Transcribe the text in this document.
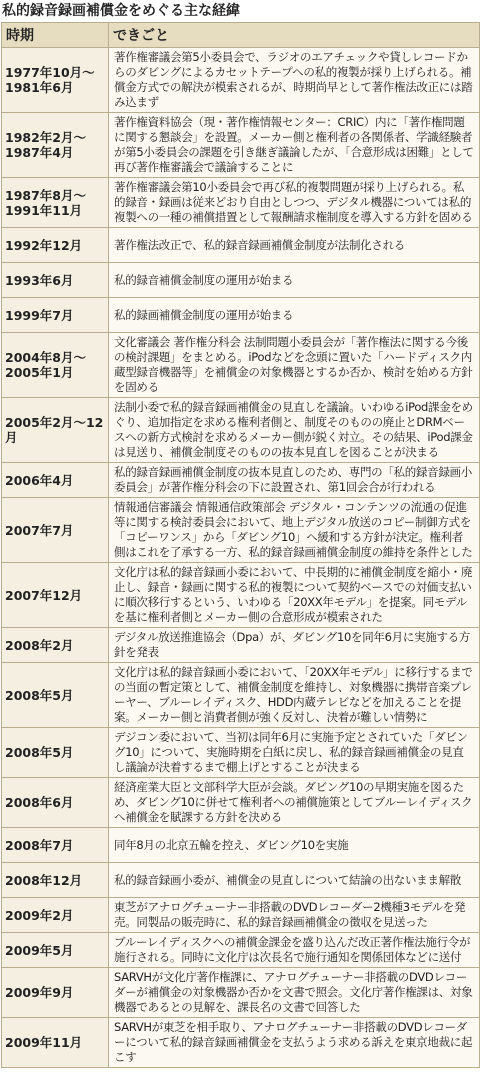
私的録音録画補償金をめぐる主な経緯
時期	できごと
1977年10月〜1981年6月	著作権審議会第5小委員会で、ラジオのエアチェックや貸しレコードからのダビングによるカセットテープへの私的複製が採り上げられる。補償金方式での解決が模索されるが、時期尚早として著作権法改正には踏み込まず
1982年2月〜1987年4月	著作権資料協会（現・著作権情報センター：CRIC）内に「著作権問題に関する懇談会」を設置。メーカー側と権利者の各関係者、学識経験者が第5小委員会の課題を引き継ぎ議論したが、「合意形成は困難」として再び著作権審議会で議論することに
1987年8月〜1991年11月	著作権審議会第10小委員会で再び私的複製問題が採り上げられる。私的録音・録画は従来どおり自由としつつ、デジタル機器については私的複製への一種の補償措置として報酬請求権制度を導入する方針を固める
1992年12月	著作権法改正で、私的録音録画補償金制度が法制化される
1993年6月	私的録音補償金制度の運用が始まる
1999年7月	私的録画補償金制度の運用が始まる
2004年8月〜2005年1月	文化審議会 著作権分科会 法制問題小委員会が「著作権法に関する今後の検討課題」をまとめる。iPodなどを念頭に置いた「ハードディスク内蔵型録音機器等」を補償金の対象機器とするか否か、検討を始める方針を固める
2005年2月〜12月	法制小委で私的録音録画補償金の見直しを議論。いわゆるiPod課金をめぐり、追加指定を求める権利者側と、制度そのものの廃止とDRMベースへの新方式検討を求めるメーカー側が鋭く対立。その結果、iPod課金は見送り、補償金制度そのものの抜本見直しを図ることが決まる
2006年4月	私的録音録画補償金制度の抜本見直しのため、専門の「私的録音録画小委員会」が著作権分科会の下に設置され、第1回会合が行われる
2007年7月	情報通信審議会 情報通信政策部会 デジタル・コンテンツの流通の促進等に関する検討委員会において、地上デジタル放送のコピー制御方式を「コピーワンス」から「ダビング10」へ緩和する方針が決定。権利者側はこれを了承する一方、私的録音録画補償金制度の維持を条件とした
2007年12月	文化庁は私的録音録画小委において、中長期的に補償金制度を縮小・廃止し、録音・録画に関する私的複製について契約ベースでの対価支払いに順次移行するという、いわゆる「20XX年モデル」を提案。同モデルを基に権利者側とメーカー側の合意形成が模索された
2008年2月	デジタル放送推進協会（Dpa）が、ダビング10を同年6月に実施する方針を発表
2008年5月	文化庁は私的録音録画小委において、「20XX年モデル」に移行するまでの当面の暫定策として、補償金制度を維持し、対象機器に携帯音楽プレーヤー、ブルーレイディスク、HDD内蔵テレビなどを加えることを提案。メーカー側と消費者側が強く反対し、決着が難しい情勢に
2008年5月	デジコン委において、当初は同年6月に実施予定とされていた「ダビング10」について、実施時期を白紙に戻し、私的録音録画補償金の見直し議論が決着するまで棚上げとすることが決まる
2008年6月	経済産業大臣と文部科学大臣が会談。ダビング10の早期実施を図るため、ダビング10に併せて権利者への補償施策としてブルーレイディスクへ補償金を賦課する方針を決める
2008年7月	同年8月の北京五輪を控え、ダビング10を実施
2008年12月	私的録音録画小委が、補償金の見直しについて結論の出ないまま解散
2009年2月	東芝がアナログチューナー非搭載のDVDレコーダー2機種3モデルを発売。同製品の販売時に、私的録音録画補償金の徴収を見送った
2009年5月	ブルーレイディスクへの補償金課金を盛り込んだ改正著作権法施行令が施行される。同時に文化庁は次長名で施行通知を関係団体などに送付
2009年9月	SARVHが文化庁著作権課に、アナログチューナー非搭載のDVDレコーダーが補償金の対象機器か否かを文書で照会。文化庁著作権課は、対象機器であるとの見解を、課長名の文書で回答した
2009年11月	SARVHが東芝を相手取り、アナログチューナー非搭載のDVDレコーダーについて私的録音録画補償金を支払うよう求める訴えを東京地裁に起こす
